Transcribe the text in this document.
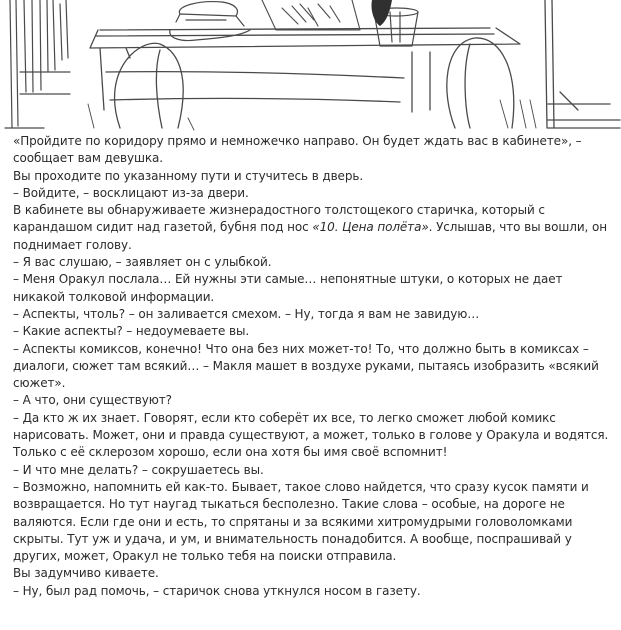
«Пройдите по коридору прямо и немножечко направо. Он будет ждать вас в кабинете», – сообщает вам девушка.

Вы проходите по указанному пути и стучитесь в дверь.

– Войдите, – восклицают из-за двери.

В кабинете вы обнаруживаете жизнерадостного толстощекого старичка, который с карандашом сидит над газетой, бубня под нос «10. Цена полёта». Услышав, что вы вошли, он поднимает голову.

– Я вас слушаю, – заявляет он с улыбкой.

– Меня Оракул послала… Ей нужны эти самые… непонятные штуки, о которых не дает никакой толковой информации.

– Аспекты, чтоль? – он заливается смехом. – Ну, тогда я вам не завидую…

– Какие аспекты? – недоумеваете вы.

– Аспекты комиксов, конечно! Что она без них может-то! То, что должно быть в комиксах – диалоги, сюжет там всякий… – Макля машет в воздухе руками, пытаясь изобразить «всякий сюжет».

– А что, они существуют?

– Да кто ж их знает. Говорят, если кто соберёт их все, то легко сможет любой комикс нарисовать. Может, они и правда существуют, а может, только в голове у Оракула и водятся. Только с её склерозом хорошо, если она хотя бы имя своё вспомнит!

– И что мне делать? – сокрушаетесь вы.

– Возможно, напомнить ей как-то. Бывает, такое слово найдется, что сразу кусок памяти и возвращается. Но тут наугад тыкаться бесполезно. Такие слова – особые, на дороге не валяются. Если где они и есть, то спрятаны и за всякими хитромудрыми головоломками скрыты. Тут уж и удача, и ум, и внимательность понадобится. А вообще, поспрашивай у других, может, Оракул не только тебя на поиски отправила.

Вы задумчиво киваете.

– Ну, был рад помочь, – старичок снова уткнулся носом в газету.
